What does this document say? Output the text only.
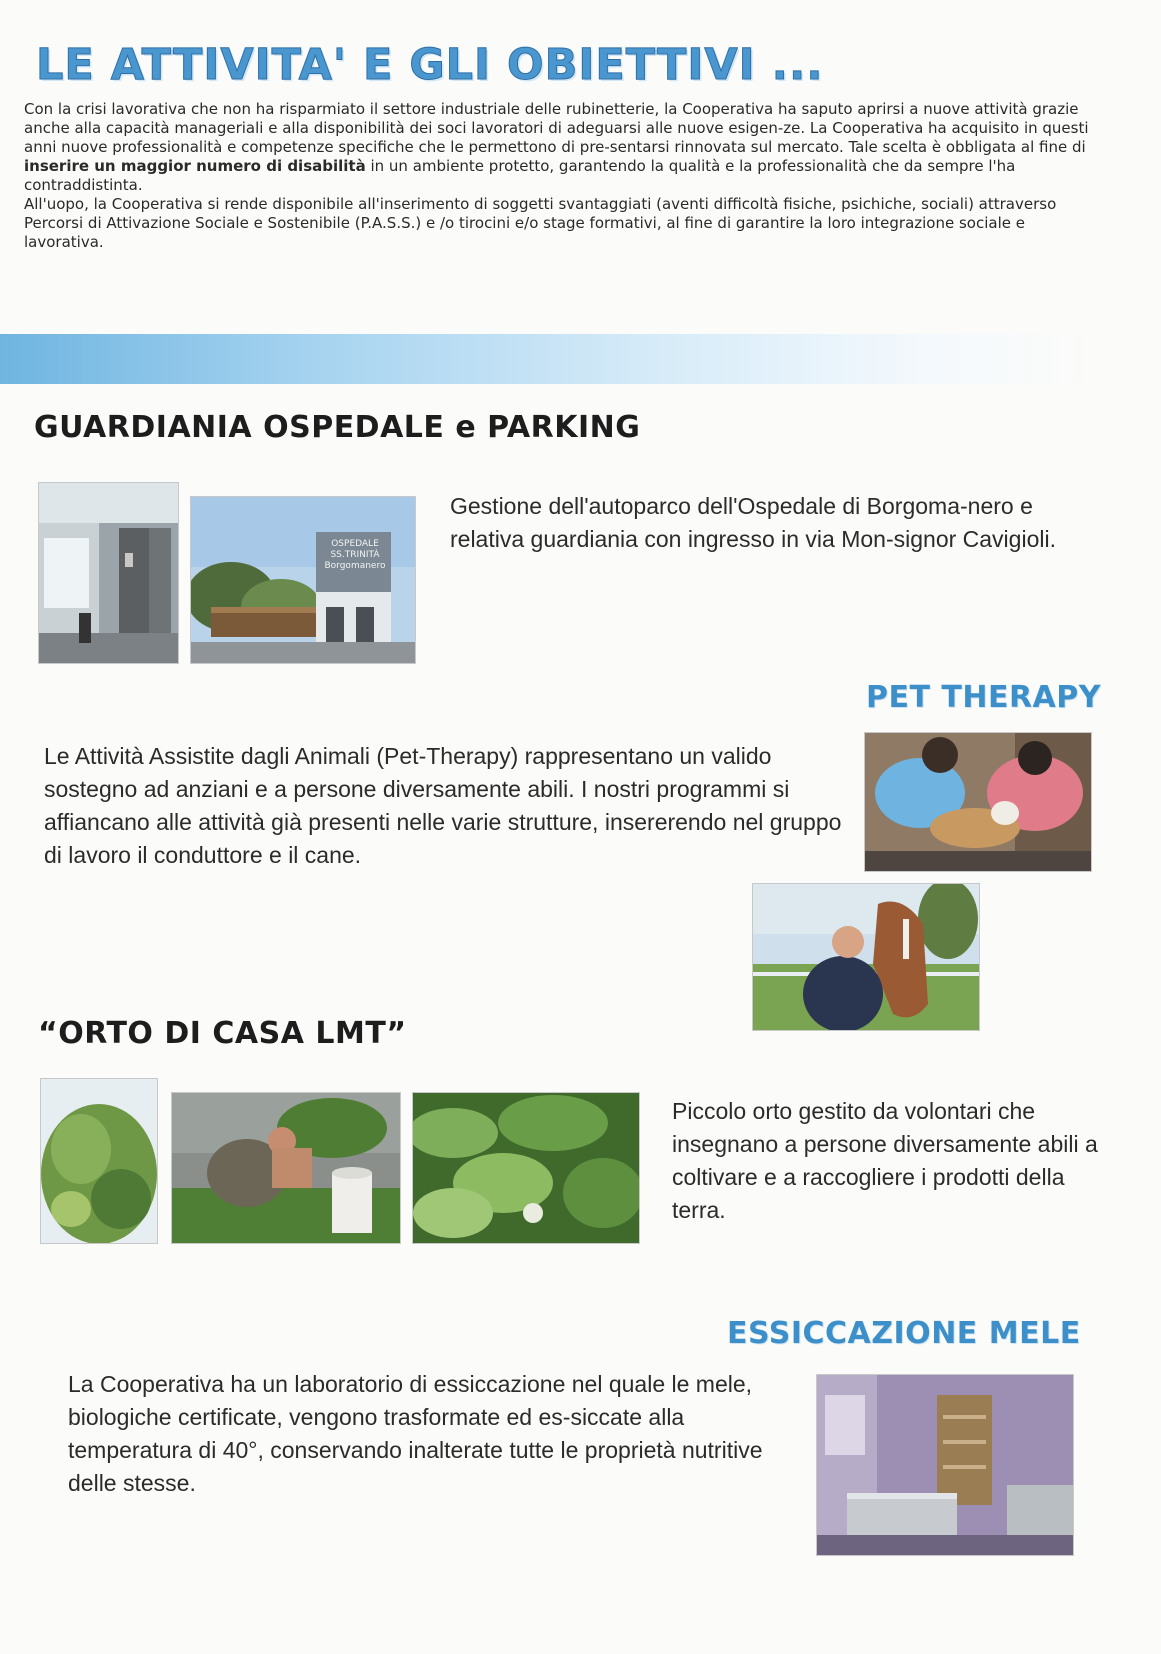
LE ATTIVITA' E GLI OBIETTIVI ...

Con la crisi lavorativa che non ha risparmiato il settore industriale delle rubinetterie, la Cooperativa ha saputo aprirsi a nuove attività grazie anche alla capacità manageriali e alla disponibilità dei soci lavoratori di adeguarsi alle nuove esigen-ze. La Cooperativa ha acquisito in questi anni nuove professionalità e competenze specifiche che le permettono di pre-sentarsi rinnovata sul mercato. Tale scelta è obbligata al fine di inserire un maggior numero di disabilità in un ambiente protetto, garantendo la qualità e la professionalità che da sempre l'ha contraddistinta.

All'uopo, la Cooperativa si rende disponibile all'inserimento di soggetti svantaggiati (aventi difficoltà fisiche, psichiche, sociali) attraverso Percorsi di Attivazione Sociale e Sostenibile (P.A.S.S.) e /o tirocini e/o stage formativi, al fine di garantire la loro integrazione sociale e lavorativa.

GUARDIANIA OSPEDALE e PARKING
OSPEDALE
SS.TRINITÀ
Borgomanero

Gestione dell'autoparco dell'Ospedale di Borgoma-nero e relativa guardiania con ingresso in via Mon-signor Cavigioli.

PET THERAPY

Le Attività Assistite dagli Animali (Pet-Therapy) rappresentano un valido sostegno ad anziani e a persone diversamente abili. I nostri programmi si affiancano alle attività già presenti nelle varie strutture, insererendo nel gruppo di lavoro il conduttore e il cane.

“ORTO DI CASA LMT”

Piccolo orto gestito da volontari che insegnano a persone diversamente abili a coltivare e a raccogliere i prodotti della terra.

ESSICCAZIONE MELE

La Cooperativa ha un laboratorio di essiccazione nel quale le mele, biologiche certificate, vengono trasformate ed es-siccate alla temperatura di 40°, conservando inalterate tutte le proprietà nutritive delle stesse.
